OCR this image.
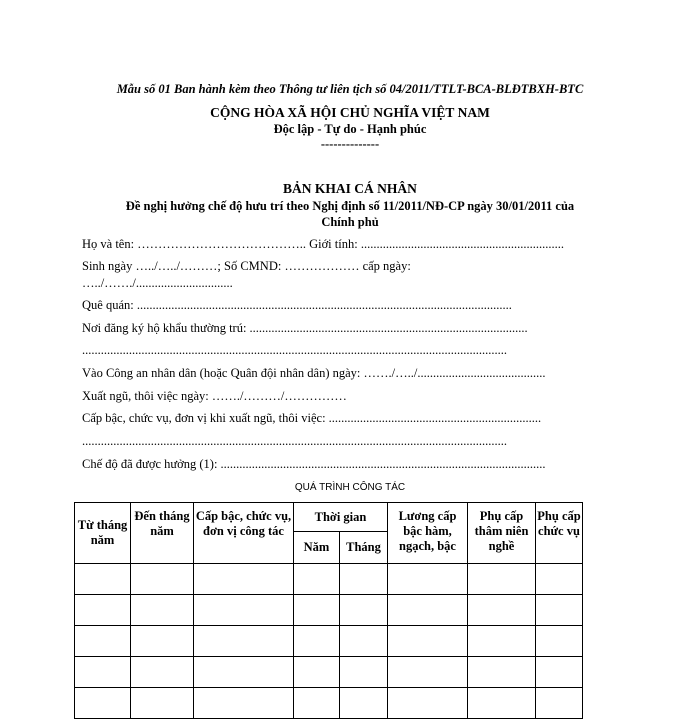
Mẫu số 01 Ban hành kèm theo Thông tư liên tịch số 04/2011/TTLT-BCA-BLĐTBXH-BTC
CỘNG HÒA XÃ HỘI CHỦ NGHĨA VIỆT NAM
Độc lập - Tự do - Hạnh phúc
--------------
BẢN KHAI CÁ NHÂN
Đề nghị hưởng chế độ hưu trí theo Nghị định số 11/2011/NĐ-CP ngày 30/01/2011 của
Chính phủ
Họ và tên: ………………………………….. Giới tính: .................................................................
Sinh ngày …../…../………; Số CMND: ……………… cấp ngày:
…../……./...............................
Quê quán: ........................................................................................................................
Nơi đăng ký hộ khẩu thường trú: .........................................................................................
........................................................................................................................................
Vào Công an nhân dân (hoặc Quân đội nhân dân) ngày: ……./…../.........................................
Xuất ngũ, thôi việc ngày: ……./………/……………
Cấp bậc, chức vụ, đơn vị khi xuất ngũ, thôi việc: ....................................................................
........................................................................................................................................
Chế độ đã được hưởng (1): ........................................................................................................
QUÁ TRÌNH CÔNG TÁC
Từ tháng năm	Đến tháng năm	Cấp bậc, chức vụ, đơn vị công tác	Thời gian		Lương cấp bậc hàm, ngạch, bậc	Phụ cấp thâm niên nghề	Phụ cấp chức vụ
			Năm	Tháng			
